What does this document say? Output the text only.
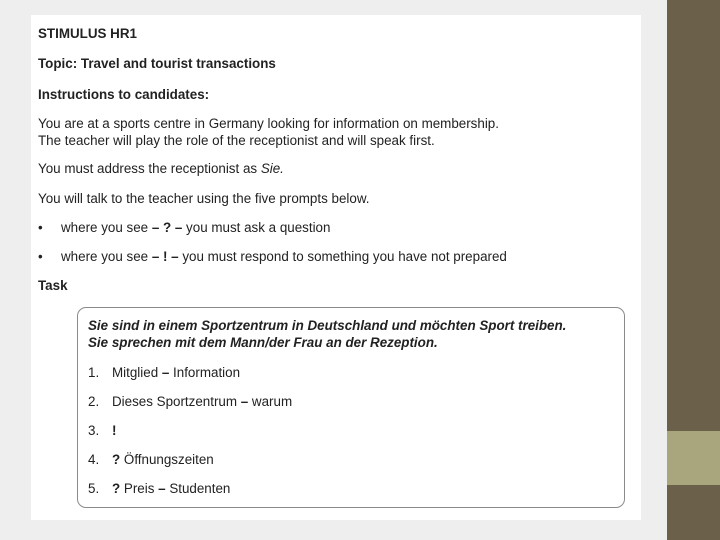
STIMULUS HR1
Topic: Travel and tourist transactions
Instructions to candidates:
You are at a sports centre in Germany looking for information on membership.
The teacher will play the role of the receptionist and will speak first.
You must address the receptionist as Sie.
You will talk to the teacher using the five prompts below.
• where you see – ? – you must ask a question
• where you see – ! – you must respond to something you have not prepared
Task
Sie sind in einem Sportzentrum in Deutschland und möchten Sport treiben.
Sie sprechen mit dem Mann/der Frau an der Rezeption.
1. Mitglied – Information
2. Dieses Sportzentrum – warum
3. !
4. ? Öffnungszeiten
5. ? Preis – Studenten
